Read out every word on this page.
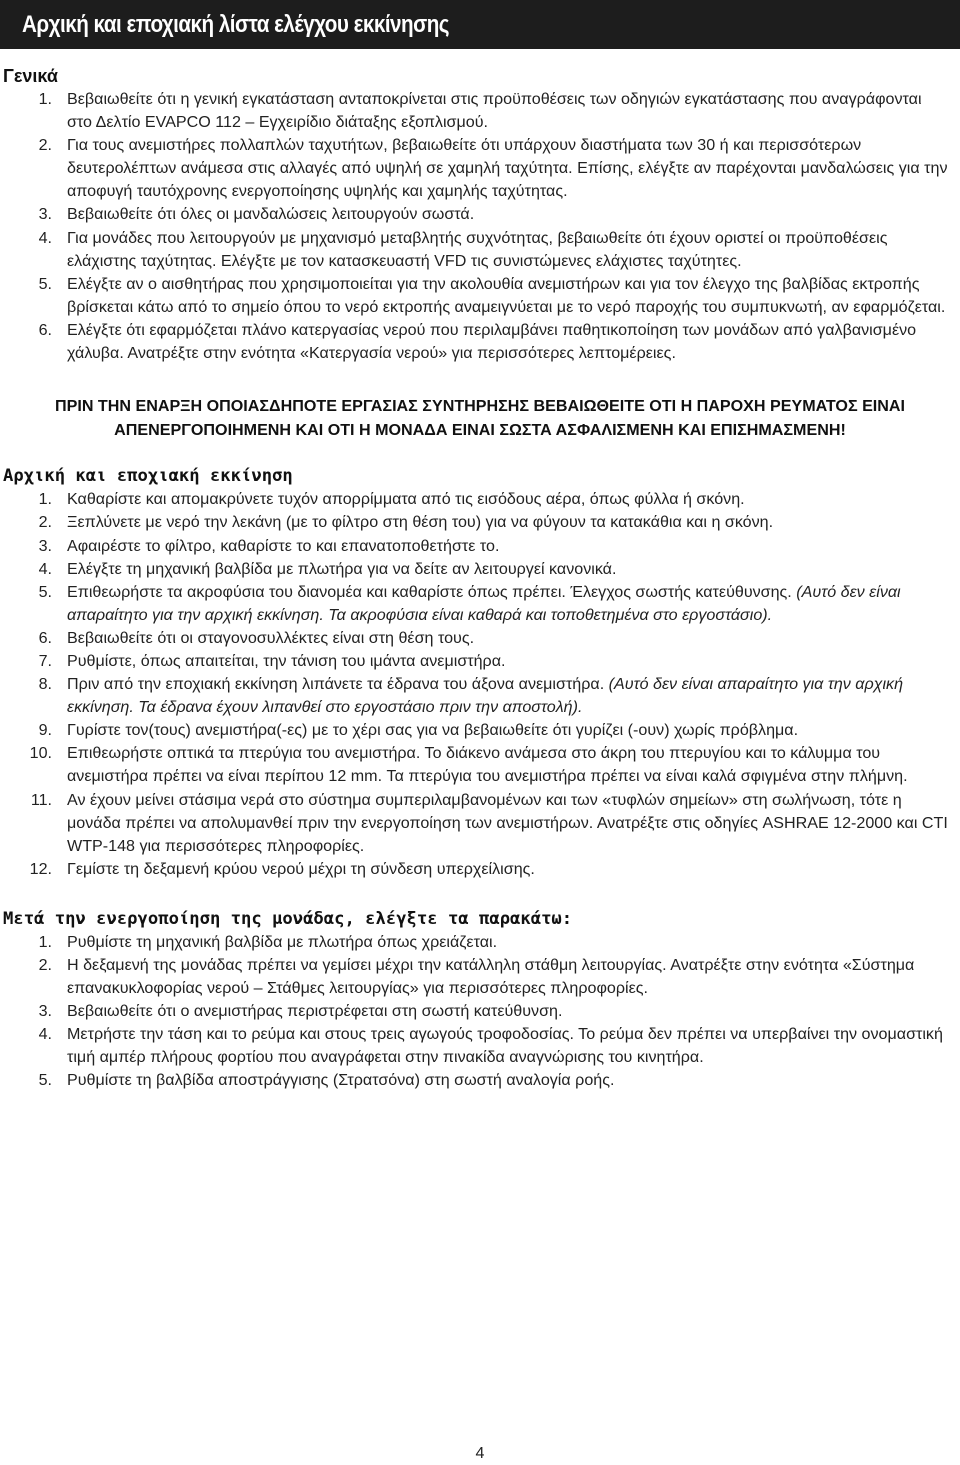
Αρχική και εποχιακή λίστα ελέγχου εκκίνησης
Γενικά
1. Βεβαιωθείτε ότι η γενική εγκατάσταση ανταποκρίνεται στις προϋποθέσεις των οδηγιών εγκατάστασης που αναγράφονται στο Δελτίο EVAPCO 112 – Εγχειρίδιο διάταξης εξοπλισμού.
2. Για τους ανεμιστήρες πολλαπλών ταχυτήτων, βεβαιωθείτε ότι υπάρχουν διαστήματα των 30 ή και περισσότερων δευτερολέπτων ανάμεσα στις αλλαγές από υψηλή σε χαμηλή ταχύτητα. Επίσης, ελέγξτε αν παρέχονται μανδαλώσεις για την αποφυγή ταυτόχρονης ενεργοποίησης υψηλής και χαμηλής ταχύτητας.
3. Βεβαιωθείτε ότι όλες οι μανδαλώσεις λειτουργούν σωστά.
4. Για μονάδες που λειτουργούν με μηχανισμό μεταβλητής συχνότητας, βεβαιωθείτε ότι έχουν οριστεί οι προϋποθέσεις ελάχιστης ταχύτητας. Ελέγξτε με τον κατασκευαστή VFD τις συνιστώμενες ελάχιστες ταχύτητες.
5. Ελέγξτε αν ο αισθητήρας που χρησιμοποιείται για την ακολουθία ανεμιστήρων και για τον έλεγχο της βαλβίδας εκτροπής βρίσκεται κάτω από το σημείο όπου το νερό εκτροπής αναμειγνύεται με το νερό παροχής του συμπυκνωτή, αν εφαρμόζεται.
6. Ελέγξτε ότι εφαρμόζεται πλάνο κατεργασίας νερού που περιλαμβάνει παθητικοποίηση των μονάδων από γαλβανισμένο χάλυβα. Ανατρέξτε στην ενότητα «Κατεργασία νερού» για περισσότερες λεπτομέρειες.
ΠΡΙΝ ΤΗΝ ΕΝΑΡΞΗ ΟΠΟΙΑΣΔΗΠΟΤΕ ΕΡΓΑΣΙΑΣ ΣΥΝΤΗΡΗΣΗΣ ΒΕΒΑΙΩΘΕΙΤΕ ΟΤΙ Η ΠΑΡΟΧΗ ΡΕΥΜΑΤΟΣ ΕΙΝΑΙ ΑΠΕΝΕΡΓΟΠΟΙΗΜΕΝΗ ΚΑΙ ΟΤΙ Η ΜΟΝΑΔΑ ΕΙΝΑΙ ΣΩΣΤΑ ΑΣΦΑΛΙΣΜΕΝΗ ΚΑΙ ΕΠΙΣΗΜΑΣΜΕΝΗ!
Αρχική και εποχιακή εκκίνηση
1. Καθαρίστε και απομακρύνετε τυχόν απορρίμματα από τις εισόδους αέρα, όπως φύλλα ή σκόνη.
2. Ξεπλύνετε με νερό την λεκάνη (με το φίλτρο στη θέση του) για να φύγουν τα κατακάθια και η σκόνη.
3. Αφαιρέστε το φίλτρο, καθαρίστε το και επανατοποθετήστε το.
4. Ελέγξτε τη μηχανική βαλβίδα με πλωτήρα για να δείτε αν λειτουργεί κανονικά.
5. Επιθεωρήστε τα ακροφύσια του διανομέα και καθαρίστε όπως πρέπει. Έλεγχος σωστής κατεύθυνσης. (Αυτό δεν είναι απαραίτητο για την αρχική εκκίνηση. Τα ακροφύσια είναι καθαρά και τοποθετημένα στο εργοστάσιο).
6. Βεβαιωθείτε ότι οι σταγονοσυλλέκτες είναι στη θέση τους.
7. Ρυθμίστε, όπως απαιτείται, την τάνιση του ιμάντα ανεμιστήρα.
8. Πριν από την εποχιακή εκκίνηση λιπάνετε τα έδρανα του άξονα ανεμιστήρα. (Αυτό δεν είναι απαραίτητο για την αρχική εκκίνηση. Τα έδρανα έχουν λιπανθεί στο εργοστάσιο πριν την αποστολή).
9. Γυρίστε τον(τους) ανεμιστήρα(-ες) με το χέρι σας για να βεβαιωθείτε ότι γυρίζει (-ουν) χωρίς πρόβλημα.
10. Επιθεωρήστε οπτικά τα πτερύγια του ανεμιστήρα. Το διάκενο ανάμεσα στο άκρη του πτερυγίου και το κάλυμμα του ανεμιστήρα πρέπει να είναι περίπου 12 mm. Τα πτερύγια του ανεμιστήρα πρέπει να είναι καλά σφιγμένα στην πλήμνη.
11. Αν έχουν μείνει στάσιμα νερά στο σύστημα συμπεριλαμβανομένων και των «τυφλών σημείων» στη σωλήνωση, τότε η μονάδα πρέπει να απολυμανθεί πριν την ενεργοποίηση των ανεμιστήρων. Ανατρέξτε στις οδηγίες ASHRAE 12-2000 και CTI WTP-148 για περισσότερες πληροφορίες.
12. Γεμίστε τη δεξαμενή κρύου νερού μέχρι τη σύνδεση υπερχείλισης.
Μετά την ενεργοποίηση της μονάδας, ελέγξτε τα παρακάτω:
1. Ρυθμίστε τη μηχανική βαλβίδα με πλωτήρα όπως χρειάζεται.
2. Η δεξαμενή της μονάδας πρέπει να γεμίσει μέχρι την κατάλληλη στάθμη λειτουργίας. Ανατρέξτε στην ενότητα «Σύστημα επανακυκλοφορίας νερού – Στάθμες λειτουργίας» για περισσότερες πληροφορίες.
3. Βεβαιωθείτε ότι ο ανεμιστήρας περιστρέφεται στη σωστή κατεύθυνση.
4. Μετρήστε την τάση και το ρεύμα και στους τρεις αγωγούς τροφοδοσίας. Το ρεύμα δεν πρέπει να υπερβαίνει την ονομαστική τιμή αμπέρ πλήρους φορτίου που αναγράφεται στην πινακίδα αναγνώρισης του κινητήρα.
5. Ρυθμίστε τη βαλβίδα αποστράγγισης (Στρατσόνα) στη σωστή αναλογία ροής.
4
